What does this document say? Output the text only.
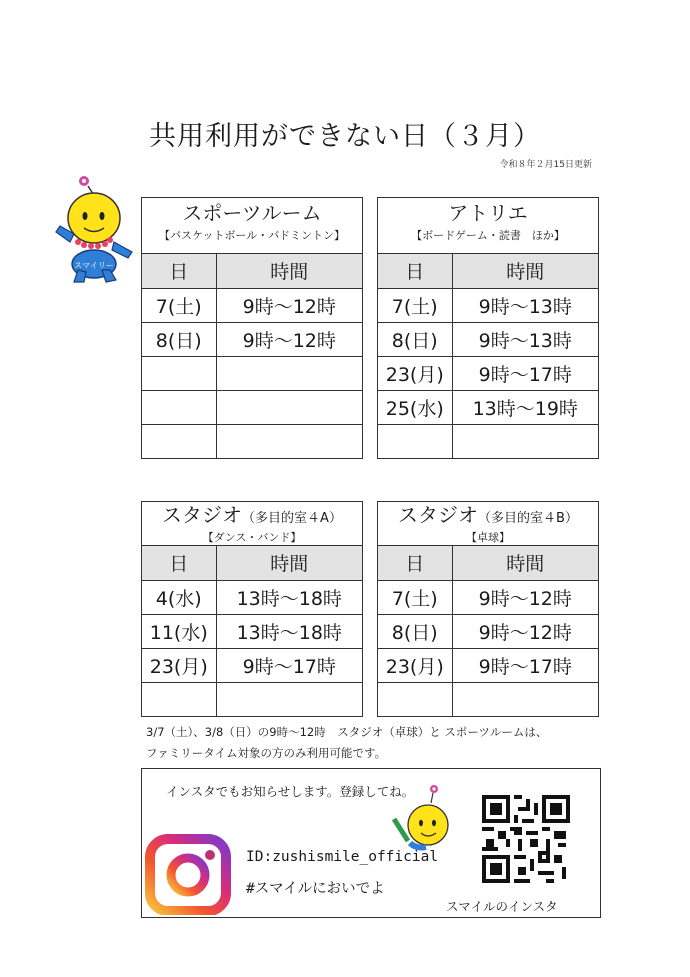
共用利用ができない日（３月）
令和８年２月15日更新
スマイリー
スポーツルーム
【バスケットボール・バドミントン】
日	時間
7(土)	9時〜12時
8(日)	9時〜12時

アトリエ
【ボードゲーム・読書　ほか】
日	時間
7(土)	9時〜13時
8(日)	9時〜13時
23(月)	9時〜17時
25(水)	13時〜19時

スタジオ（多目的室４A）
【ダンス・バンド】
日	時間
4(水)	13時〜18時
11(水)	13時〜18時
23(月)	9時〜17時

スタジオ（多目的室４B）
【卓球】
日	時間
7(土)	9時〜12時
8(日)	9時〜12時
23(月)	9時〜17時

3/7（土）、3/8（日）の9時〜12時　スタジオ（卓球）と スポーツルームは、
ファミリータイム対象の方のみ利用可能です。
インスタでもお知らせします。登録してね。
ID:zushismile_official
#スマイルにおいでよ
スマイルのインスタ
